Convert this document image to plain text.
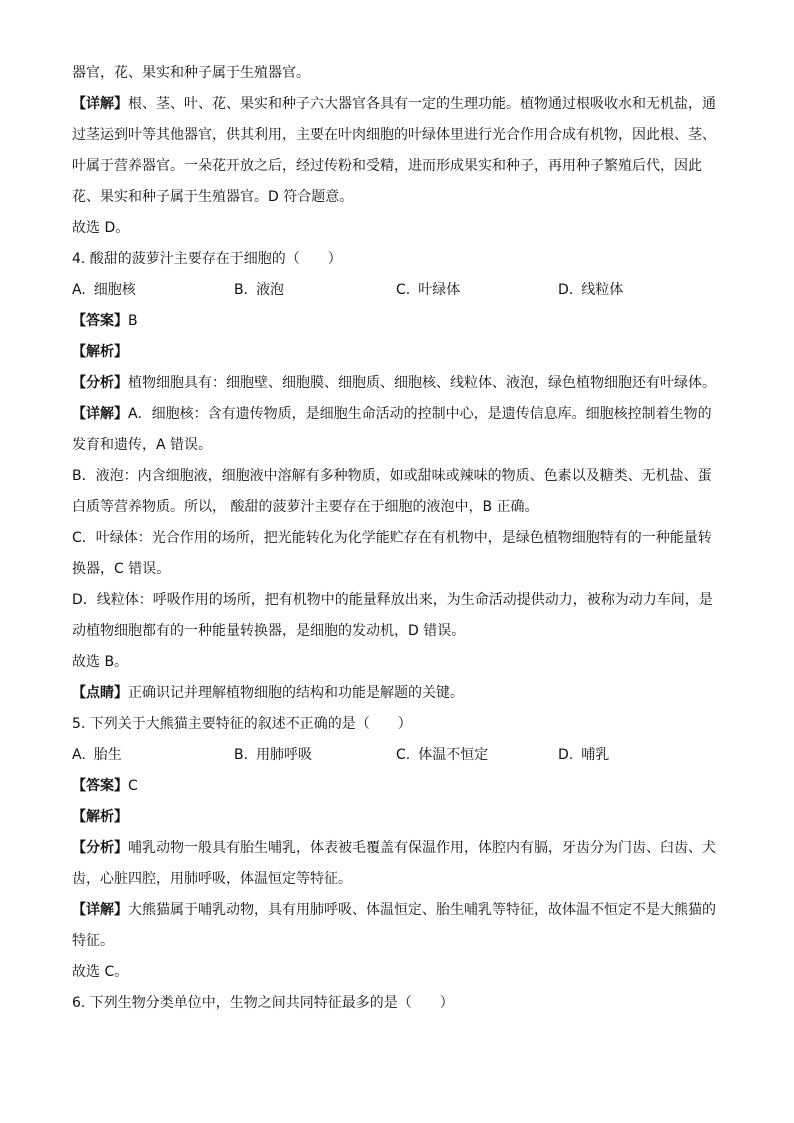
器官，花、果实和种子属于生殖器官。

【详解】根、茎、叶、花、果实和种子六大器官各具有一定的生理功能。植物通过根吸收水和无机盐，通过茎运到叶等其他器官，供其利用，主要在叶肉细胞的叶绿体里进行光合作用合成有机物，因此根、茎、叶属于营养器官。一朵花开放之后，经过传粉和受精，进而形成果实和种子，再用种子繁殖后代，因此花、果实和种子属于生殖器官。D 符合题意。

故选 D。

4. 酸甜的菠萝汁主要存在于细胞的（　　）

A. 细胞核	B. 液泡	C. 叶绿体	D. 线粒体

【答案】B

【解析】

【分析】植物细胞具有：细胞壁、细胞膜、细胞质、细胞核、线粒体、液泡，绿色植物细胞还有叶绿体。

【详解】A．细胞核：含有遗传物质，是细胞生命活动的控制中心，是遗传信息库。细胞核控制着生物的发育和遗传，A 错误。

B．液泡：内含细胞液，细胞液中溶解有多种物质，如或甜味或辣味的物质、色素以及糖类、无机盐、蛋白质等营养物质。所以， 酸甜的菠萝汁主要存在于细胞的液泡中，B 正确。

C．叶绿体：光合作用的场所，把光能转化为化学能贮存在有机物中，是绿色植物细胞特有的一种能量转换器，C 错误。

D．线粒体：呼吸作用的场所，把有机物中的能量释放出来，为生命活动提供动力，被称为动力车间，是动植物细胞都有的一种能量转换器，是细胞的发动机，D 错误。

故选 B。

【点睛】正确识记并理解植物细胞的结构和功能是解题的关键。

5. 下列关于大熊猫主要特征的叙述不正确的是（　　）

A. 胎生	B. 用肺呼吸	C. 体温不恒定	D. 哺乳

【答案】C

【解析】

【分析】哺乳动物一般具有胎生哺乳，体表被毛覆盖有保温作用，体腔内有膈，牙齿分为门齿、臼齿、犬齿，心脏四腔，用肺呼吸，体温恒定等特征。

【详解】大熊猫属于哺乳动物，具有用肺呼吸、体温恒定、胎生哺乳等特征，故体温不恒定不是大熊猫的特征。

故选 C。

6. 下列生物分类单位中，生物之间共同特征最多的是（　　）
